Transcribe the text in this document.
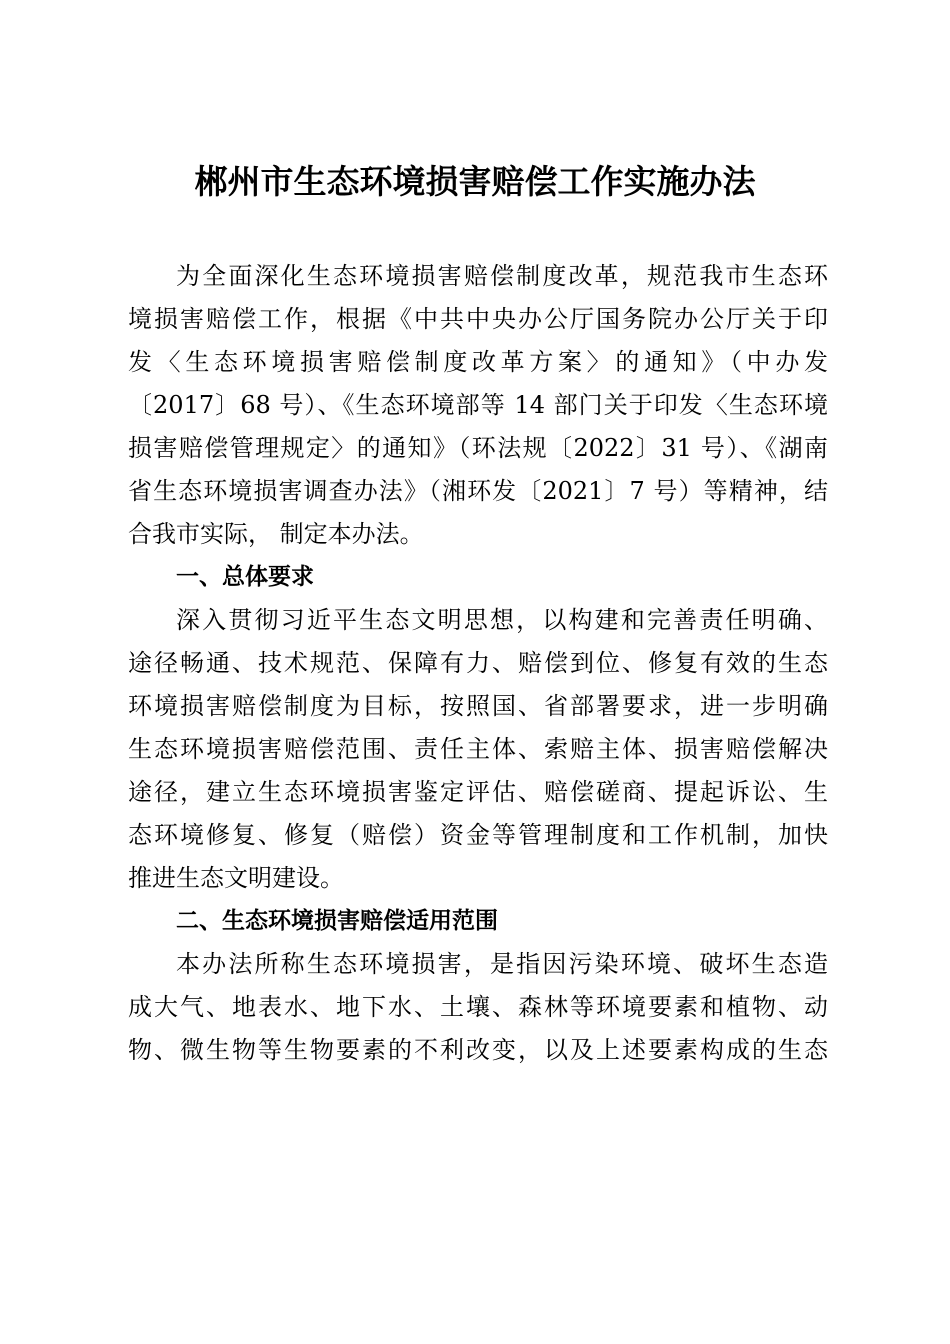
郴州市生态环境损害赔偿工作实施办法
为全面深化生态环境损害赔偿制度改革，规范我市生态环
境损害赔偿工作，根据《中共中央办公厅国务院办公厅关于印
发〈生态环境损害赔偿制度改革方案〉的通知》（中办发
〔2017〕68 号）、《生态环境部等 14 部门关于印发〈生态环境
损害赔偿管理规定〉的通知》（环法规〔2022〕31 号）、《湖南
省生态环境损害调查办法》（湘环发〔2021〕7 号）等精神，结
合我市实际， 制定本办法。
一、总体要求
深入贯彻习近平生态文明思想，以构建和完善责任明确、
途径畅通、技术规范、保障有力、赔偿到位、修复有效的生态
环境损害赔偿制度为目标，按照国、省部署要求，进一步明确
生态环境损害赔偿范围、责任主体、索赔主体、损害赔偿解决
途径，建立生态环境损害鉴定评估、赔偿磋商、提起诉讼、生
态环境修复、修复（赔偿）资金等管理制度和工作机制，加快
推进生态文明建设。
二、生态环境损害赔偿适用范围
本办法所称生态环境损害，是指因污染环境、破坏生态造
成大气、地表水、地下水、土壤、森林等环境要素和植物、动
物、微生物等生物要素的不利改变，以及上述要素构成的生态
